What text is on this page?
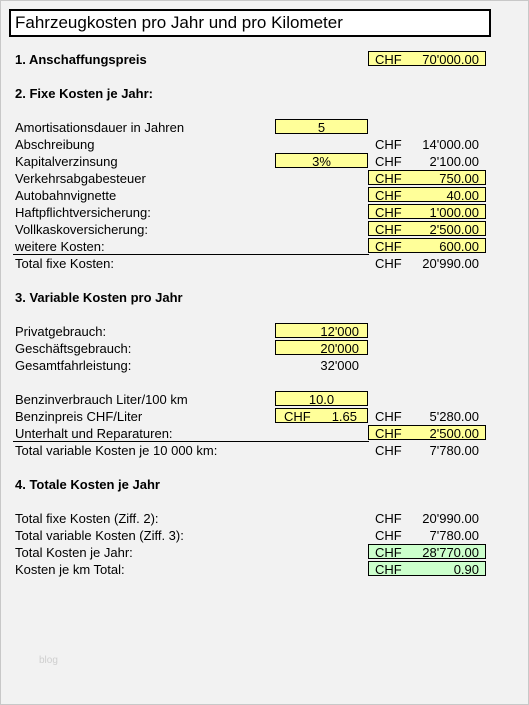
Fahrzeugkosten pro Jahr und pro Kilometer
1. Anschaffungspreis	CHF 70'000.00
2. Fixe Kosten je Jahr:
Amortisationsdauer in Jahren	5
Abschreibung	CHF	14'000.00
Kapitalverzinsung	3%	CHF	2'100.00
Verkehrsabgabesteuer	CHF	750.00
Autobahnvignette	CHF	40.00
Haftpflichtversicherung:	CHF 1'000.00
Vollkaskoversicherung:	CHF 2'500.00
weitere Kosten:	CHF	600.00
Total fixe Kosten:	CHF	20'990.00
3. Variable Kosten pro Jahr
Privatgebrauch:	12'000
Geschäftsgebrauch:	20'000
Gesamtfahrleistung:	32'000
Benzinverbrauch Liter/100 km	10.0
Benzinpreis CHF/Liter	CHF 1.65 CHF	5'280.00
Unterhalt und Reparaturen:	CHF 2'500.00
Total variable Kosten je 10 000 km:	CHF	7'780.00
4. Totale Kosten je Jahr
Total fixe Kosten (Ziff. 2):	CHF	20'990.00
Total variable Kosten (Ziff. 3):	CHF	7'780.00
Total Kosten je Jahr:	CHF 28'770.00
Kosten je km Total:	CHF	0.90
blog
